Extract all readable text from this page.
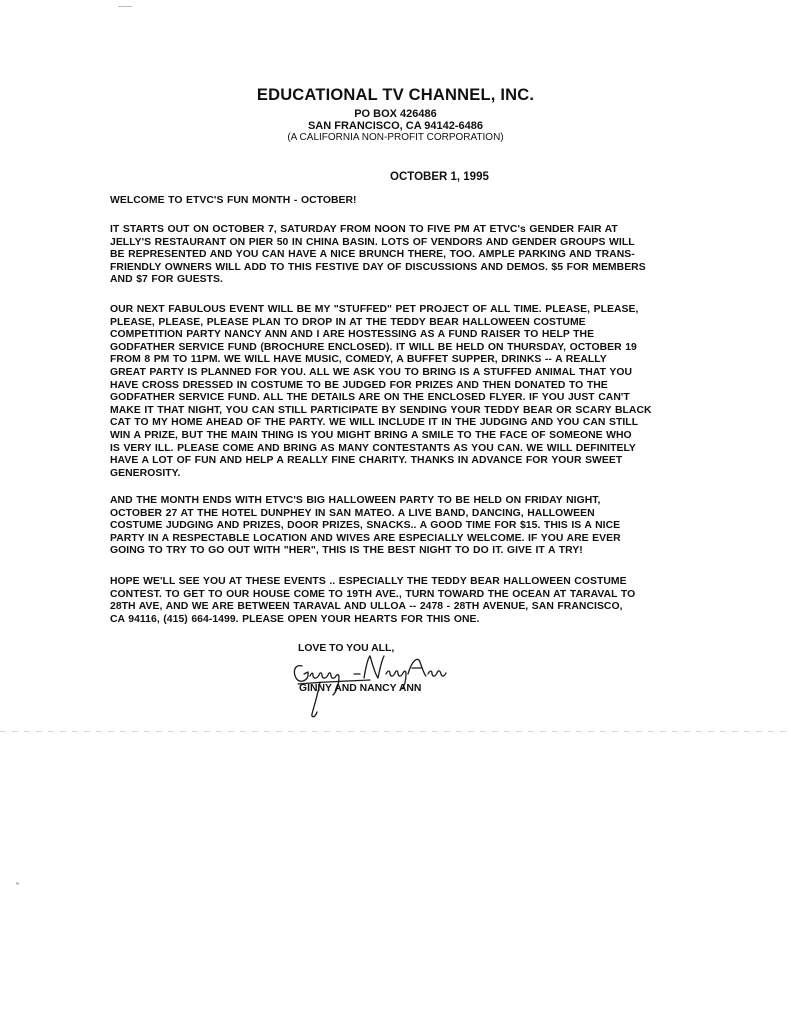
EDUCATIONAL TV CHANNEL, INC.
PO BOX 426486
SAN FRANCISCO, CA 94142-6486
(A CALIFORNIA NON-PROFIT CORPORATION)
OCTOBER 1, 1995

WELCOME TO ETVC'S FUN MONTH - OCTOBER!

IT STARTS OUT ON OCTOBER 7, SATURDAY FROM NOON TO FIVE PM AT ETVC's GENDER FAIR AT
JELLY'S RESTAURANT ON PIER 50 IN CHINA BASIN. LOTS OF VENDORS AND GENDER GROUPS WILL
BE REPRESENTED AND YOU CAN HAVE A NICE BRUNCH THERE, TOO. AMPLE PARKING AND TRANS-
FRIENDLY OWNERS WILL ADD TO THIS FESTIVE DAY OF DISCUSSIONS AND DEMOS. $5 FOR MEMBERS
AND $7 FOR GUESTS.

OUR NEXT FABULOUS EVENT WILL BE MY "STUFFED" PET PROJECT OF ALL TIME. PLEASE, PLEASE,
PLEASE, PLEASE, PLEASE PLAN TO DROP IN AT THE TEDDY BEAR HALLOWEEN COSTUME
COMPETITION PARTY NANCY ANN AND I ARE HOSTESSING AS A FUND RAISER TO HELP THE
GODFATHER SERVICE FUND (BROCHURE ENCLOSED). IT WILL BE HELD ON THURSDAY, OCTOBER 19
FROM 8 PM TO 11PM. WE WILL HAVE MUSIC, COMEDY, A BUFFET SUPPER, DRINKS -- A REALLY
GREAT PARTY IS PLANNED FOR YOU. ALL WE ASK YOU TO BRING IS A STUFFED ANIMAL THAT YOU
HAVE CROSS DRESSED IN COSTUME TO BE JUDGED FOR PRIZES AND THEN DONATED TO THE
GODFATHER SERVICE FUND. ALL THE DETAILS ARE ON THE ENCLOSED FLYER. IF YOU JUST CAN'T
MAKE IT THAT NIGHT, YOU CAN STILL PARTICIPATE BY SENDING YOUR TEDDY BEAR OR SCARY BLACK
CAT TO MY HOME AHEAD OF THE PARTY. WE WILL INCLUDE IT IN THE JUDGING AND YOU CAN STILL
WIN A PRIZE, BUT THE MAIN THING IS YOU MIGHT BRING A SMILE TO THE FACE OF SOMEONE WHO
IS VERY ILL. PLEASE COME AND BRING AS MANY CONTESTANTS AS YOU CAN. WE WILL DEFINITELY
HAVE A LOT OF FUN AND HELP A REALLY FINE CHARITY. THANKS IN ADVANCE FOR YOUR SWEET
GENEROSITY.

AND THE MONTH ENDS WITH ETVC'S BIG HALLOWEEN PARTY TO BE HELD ON FRIDAY NIGHT,
OCTOBER 27 AT THE HOTEL DUNPHEY IN SAN MATEO. A LIVE BAND, DANCING, HALLOWEEN
COSTUME JUDGING AND PRIZES, DOOR PRIZES, SNACKS.. A GOOD TIME FOR $15. THIS IS A NICE
PARTY IN A RESPECTABLE LOCATION AND WIVES ARE ESPECIALLY WELCOME. IF YOU ARE EVER
GOING TO TRY TO GO OUT WITH "HER", THIS IS THE BEST NIGHT TO DO IT. GIVE IT A TRY!

HOPE WE'LL SEE YOU AT THESE EVENTS .. ESPECIALLY THE TEDDY BEAR HALLOWEEN COSTUME
CONTEST. TO GET TO OUR HOUSE COME TO 19TH AVE., TURN TOWARD THE OCEAN AT TARAVAL TO
28TH AVE, AND WE ARE BETWEEN TARAVAL AND ULLOA -- 2478 - 28TH AVENUE, SAN FRANCISCO,
CA 94116, (415) 664-1499. PLEASE OPEN YOUR HEARTS FOR THIS ONE.

LOVE TO YOU ALL,
GINNY AND NANCY ANN
